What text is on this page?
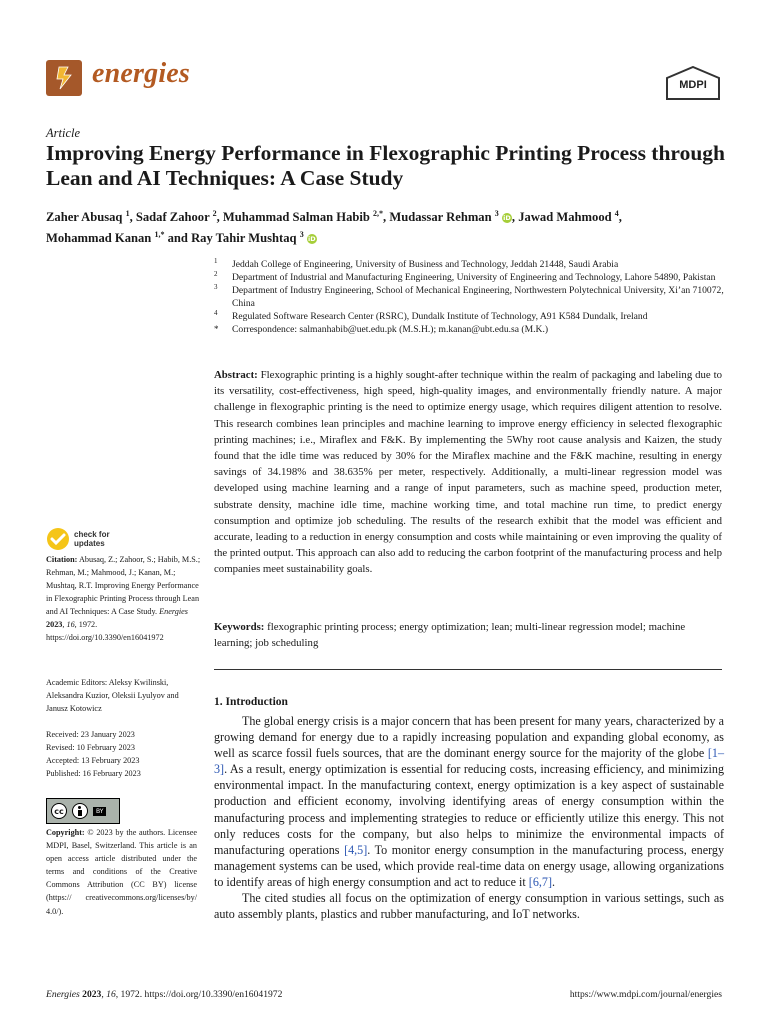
energies	MDPI
Article
Improving Energy Performance in Flexographic Printing Process through Lean and AI Techniques: A Case Study
Zaher Abusaq $^1$, Sadaf Zahoor $^2$, Muhammad Salman Habib $^{2,*}$, Mudassar Rehman $^3$ iD, Jawad Mahmood $^4$,
Mohammad Kanan $^{1,*}$ and Ray Tahir Mushtaq $^3$ iD
1 Jeddah College of Engineering, University of Business and Technology, Jeddah 21448, Saudi Arabia
2 Department of Industrial and Manufacturing Engineering, University of Engineering and Technology, Lahore 54890, Pakistan
3 Department of Industry Engineering, School of Mechanical Engineering, Northwestern Polytechnical University, Xi’an 710072, China
4 Regulated Software Research Center (RSRC), Dundalk Institute of Technology, A91 K584 Dundalk, Ireland
* Correspondence: salmanhabib@uet.edu.pk (M.S.H.); m.kanan@ubt.edu.sa (M.K.)
Abstract: Flexographic printing is a highly sought-after technique within the realm of packaging and labeling due to its versatility, cost-effectiveness, high speed, high-quality images, and environmentally friendly nature. A major challenge in flexographic printing is the need to optimize energy usage, which requires diligent attention to resolve. This research combines lean principles and machine learning to improve energy efficiency in selected flexographic printing machines; i.e., Miraflex and F&K. By implementing the 5Why root cause analysis and Kaizen, the study found that the idle time was reduced by 30% for the Miraflex machine and the F&K machine, resulting in energy savings of 34.198% and 38.635% per meter, respectively. Additionally, a multi-linear regression model was developed using machine learning and a range of input parameters, such as machine speed, production meter, substrate density, machine idle time, machine working time, and total machine run time, to predict energy consumption and optimize job scheduling. The results of the research exhibit that the model was efficient and accurate, leading to a reduction in energy consumption and costs while maintaining or even improving the quality of the printed output. This approach can also add to reducing the carbon footprint of the manufacturing process and help companies meet sustainability goals.
Keywords: flexographic printing process; energy optimization; lean; multi-linear regression model; machine learning; job scheduling
check for
updates
Citation: Abusaq, Z.; Zahoor, S.; Habib, M.S.; Rehman, M.; Mahmood, J.; Kanan, M.; Mushtaq, R.T. Improving Energy Performance in Flexographic Printing Process through Lean and AI Techniques: A Case Study. Energies 2023, 16, 1972. https://doi.org/10.3390/en16041972
Academic Editors: Aleksy Kwilinski, Aleksandra Kuzior, Oleksii Lyulyov and Janusz Kotowicz
Received: 23 January 2023
Revised: 10 February 2023
Accepted: 13 February 2023
Published: 16 February 2023
cc	BY
Copyright: © 2023 by the authors. Licensee MDPI, Basel, Switzerland. This article is an open access article distributed under the terms and conditions of the Creative Commons Attribution (CC BY) license (https:// creativecommons.org/licenses/by/ 4.0/).
1. Introduction

The global energy crisis is a major concern that has been present for many years, characterized by a growing demand for energy due to a rapidly increasing population and expanding global economy, as well as scarce fossil fuels sources, that are the dominant energy source for the majority of the globe [1–3]. As a result, energy optimization is essential for reducing costs, increasing efficiency, and minimizing environmental impact. In the manufacturing context, energy optimization is a key aspect of sustainable production and efficient economy, involving identifying areas of energy consumption within the manufacturing process and implementing strategies to reduce or efficiently utilize this energy. This not only reduces costs for the company, but also helps to minimize the environmental impacts of manufacturing operations [4,5]. To monitor energy consumption in the manufacturing process, energy management systems can be used, which provide real-time data on energy usage, allowing organizations to identify areas of high energy consumption and act to reduce it [6,7].

The cited studies all focus on the optimization of energy consumption in various settings, such as auto assembly plants, plastics and rubber manufacturing, and IoT networks.

Energies 2023, 16, 1972. https://doi.org/10.3390/en16041972	https://www.mdpi.com/journal/energies
